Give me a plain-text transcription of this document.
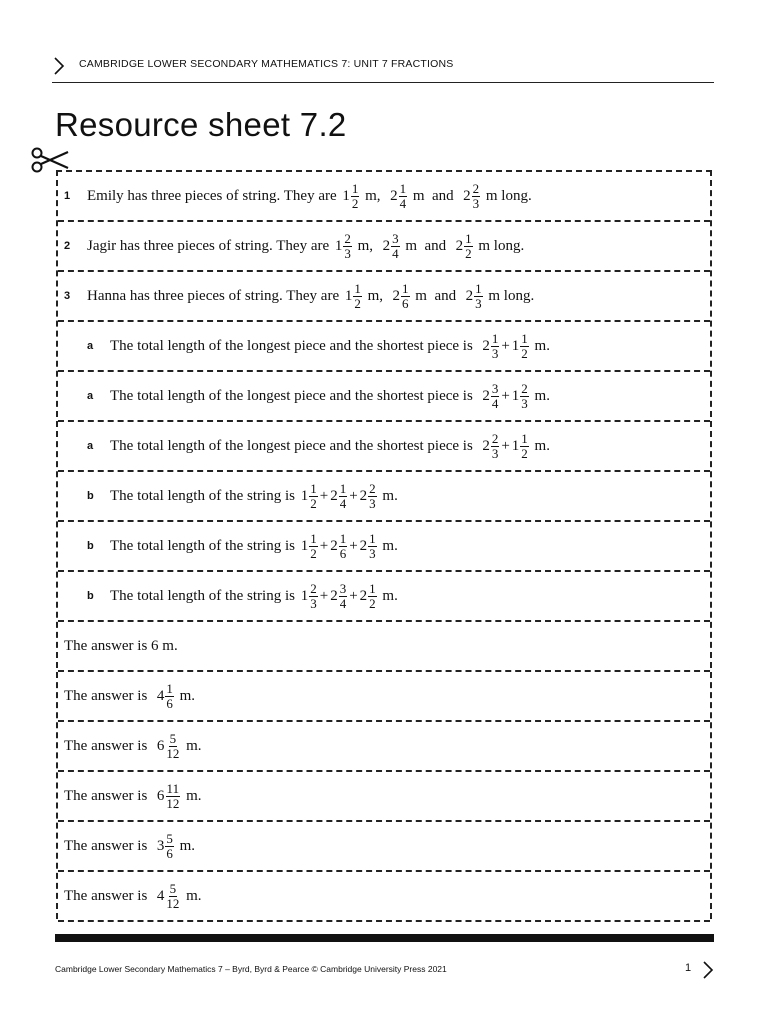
CAMBRIDGE LOWER SECONDARY MATHEMATICS 7: UNIT 7 FRACTIONS
Resource sheet 7.2
1 Emily has three pieces of string. They are $1 \frac{1}{2} m$, $2 \frac{1}{4}$ m  and $2 \frac{2}{3}$ m long.
2 Jagir has three pieces of string. They are $1 \frac{2}{3} m$, $2 \frac{3}{4}$ m  and $2 \frac{1}{2}$ m long.
3 Hanna has three pieces of string. They are $1 \frac{1}{2} m$, $2 \frac{1}{6}$ m  and $2 \frac{1}{3}$ m long.
a The total length of the longest piece and the shortest piece is $2 \frac{1}{3} + 1 \frac{1}{2} m$.
a The total length of the longest piece and the shortest piece is $2 \frac{3}{4} + 1 \frac{2}{3} m$.
a The total length of the longest piece and the shortest piece is $2 \frac{2}{3} + 1 \frac{1}{2} m$.
b The total length of the string is $1 \frac{1}{2} + 2 \frac{1}{4} + 2 \frac{2}{3} m$.
b The total length of the string is $1 \frac{1}{2} + 2 \frac{1}{6} + 2 \frac{1}{3} m$.
b The total length of the string is $1 \frac{2}{3} + 2 \frac{3}{4} + 2 \frac{1}{2} m$.
The answer is 6 m.
The answer is $4 \frac{1}{6} m$.
The answer is $6 \frac{5}{12} m$.
The answer is $6 \frac{11}{12} m$.
The answer is $3 \frac{5}{6} m$.
The answer is $4 \frac{5}{12} m$.
Cambridge Lower Secondary Mathematics 7 – Byrd, Byrd & Pearce © Cambridge University Press 2021	1
